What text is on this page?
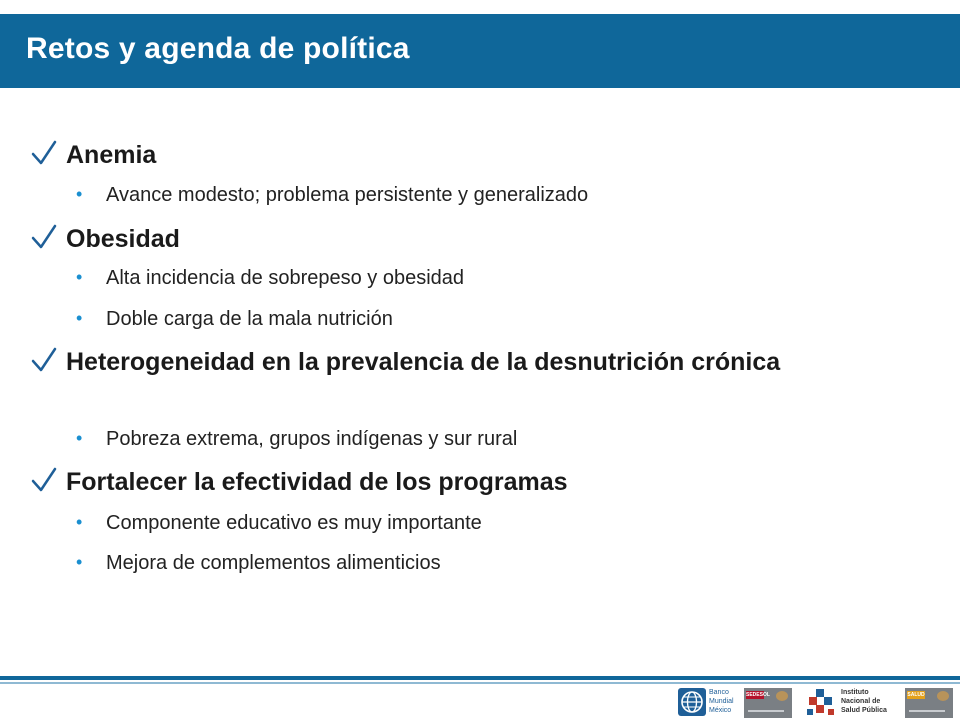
Retos y agenda de política
Anemia
•	Avance modesto; problema persistente y generalizado
Obesidad
•	Alta incidencia de sobrepeso y obesidad
•	Doble carga de la mala nutrición
Heterogeneidad en la prevalencia de la desnutrición crónica
•	Pobreza extrema, grupos indígenas y sur rural
Fortalecer la efectividad de los programas
•	Componente educativo es muy importante
•	Mejora de complementos alimenticios
Banco
Mundial
México
SEDESOL	Instituto
Nacional de
Salud Pública
SALUD
